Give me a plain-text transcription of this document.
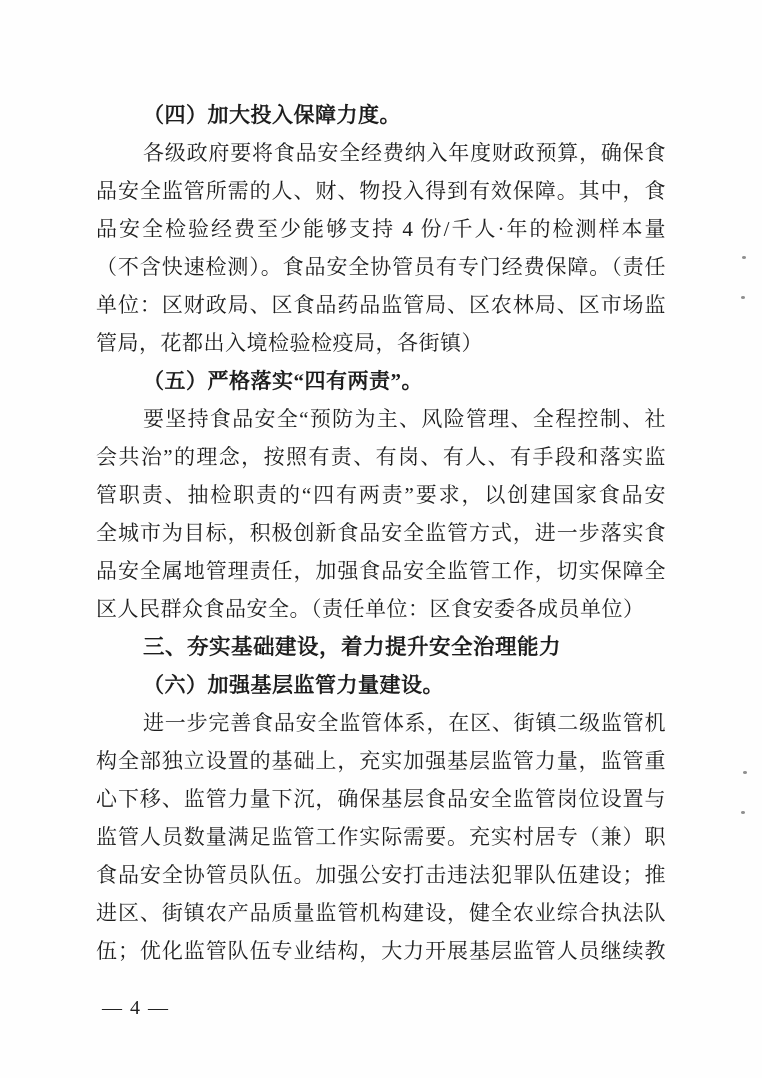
（四）加大投入保障力度。
各级政府要将食品安全经费纳入年度财政预算，确保食
品安全监管所需的人、财、物投入得到有效保障。其中，食
品安全检验经费至少能够支持 4 份/千人·年的检测样本量
（不含快速检测）。食品安全协管员有专门经费保障。（责任
单位：区财政局、区食品药品监管局、区农林局、区市场监
管局，花都出入境检验检疫局，各街镇）
（五）严格落实“四有两责”。
要坚持食品安全“预防为主、风险管理、全程控制、社
会共治”的理念，按照有责、有岗、有人、有手段和落实监
管职责、抽检职责的“四有两责”要求，以创建国家食品安
全城市为目标，积极创新食品安全监管方式，进一步落实食
品安全属地管理责任，加强食品安全监管工作，切实保障全
区人民群众食品安全。（责任单位：区食安委各成员单位）
三、夯实基础建设，着力提升安全治理能力
（六）加强基层监管力量建设。
进一步完善食品安全监管体系，在区、街镇二级监管机
构全部独立设置的基础上，充实加强基层监管力量，监管重
心下移、监管力量下沉，确保基层食品安全监管岗位设置与
监管人员数量满足监管工作实际需要。充实村居专（兼）职
食品安全协管员队伍。加强公安打击违法犯罪队伍建设；推
进区、街镇农产品质量监管机构建设，健全农业综合执法队
伍；优化监管队伍专业结构，大力开展基层监管人员继续教
— 4 —
